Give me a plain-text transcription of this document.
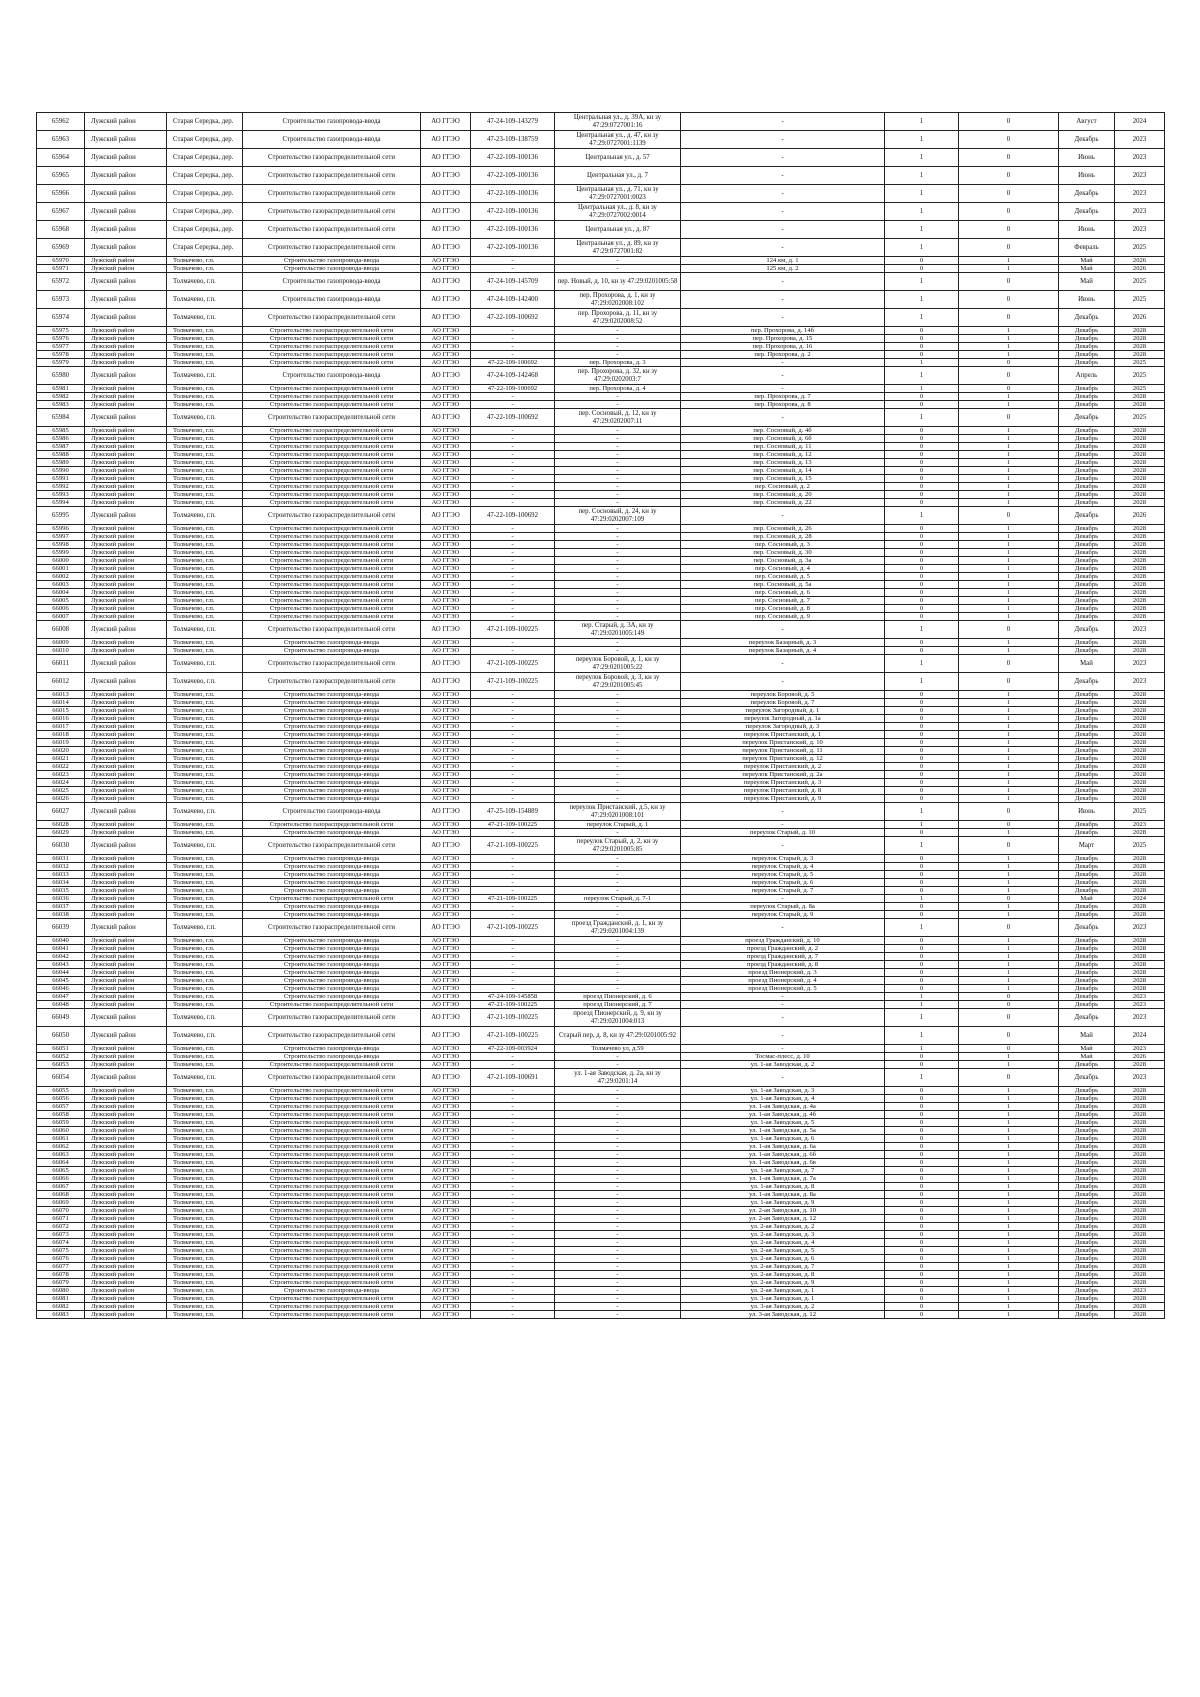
65962	Лужский район	Старая Середка, дер.	Строительство газопровода-ввода	АО ГГЭО	47-24-109-143279	Центральная ул., д. 39А, кн зу 47:29:0727001:16	-	1	0	Август	2024
65963	Лужский район	Старая Середка, дер.	Строительство газопровода-ввода	АО ГГЭО	47-23-109-138759	Центральная ул., д. 47, кн зу 47:29:0727001:1139	-	1	0	Декабрь	2023
65964	Лужский район	Старая Середка, дер.	Строительство газораспределительной сети	АО ГГЭО	47-22-109-100136	Центральная ул., д. 57	-	1	0	Июнь	2023
65965	Лужский район	Старая Середка, дер.	Строительство газораспределительной сети	АО ГГЭО	47-22-109-100136	Центральная ул., д. 7	-	1	0	Июнь	2023
65966	Лужский район	Старая Середка, дер.	Строительство газораспределительной сети	АО ГГЭО	47-22-109-100136	Центральная ул., д. 71, кн зу 47:29:0727001:0023	-	1	0	Декабрь	2023
65967	Лужский район	Старая Середка, дер.	Строительство газораспределительной сети	АО ГГЭО	47-22-109-100136	Центральная ул., д. 8, кн зу 47:29:0727002:0014	-	1	0	Декабрь	2023
65968	Лужский район	Старая Середка, дер.	Строительство газораспределительной сети	АО ГГЭО	47-22-109-100136	Центральная ул., д. 87	-	1	0	Июнь	2023
65969	Лужский район	Старая Середка, дер.	Строительство газораспределительной сети	АО ГГЭО	47-22-109-100136	Центральная ул., д. 89, кн зу 47:29:0727001:82	-	1	0	Февраль	2025
65970	Лужский район	Толмачево, г.п.	Строительство газопровода-ввода	АО ГГЭО	-	-	124 км, д. 1	0	1	Май	2026
65971	Лужский район	Толмачево, г.п.	Строительство газопровода-ввода	АО ГГЭО	-	-	125 км, д. 2	0	1	Май	2026
65972	Лужский район	Толмачево, г.п.	Строительство газопровода-ввода	АО ГГЭО	47-24-109-145709	пер. Новый, д. 10, кн зу 47:29:0201005:58	-	1	0	Май	2025
65973	Лужский район	Толмачево, г.п.	Строительство газопровода-ввода	АО ГГЭО	47-24-109-142400	пер. Прохорова, д. 1, кн зу 47:29:0202008:102	-	1	0	Июнь	2025
65974	Лужский район	Толмачево, г.п.	Строительство газораспределительной сети	АО ГГЭО	47-22-109-100692	пер. Прохорова, д. 11, кн зу 47:29:0202008:52	-	1	0	Декабрь	2026
65975	Лужский район	Толмачево, г.п.	Строительство газораспределительной сети	АО ГГЭО	-	-	пер. Прохорова, д. 14б	0	1	Декабрь	2028
65976	Лужский район	Толмачево, г.п.	Строительство газораспределительной сети	АО ГГЭО	-	-	пер. Прохорова, д. 15	0	1	Декабрь	2028
65977	Лужский район	Толмачево, г.п.	Строительство газораспределительной сети	АО ГГЭО	-	-	пер. Прохорова, д. 16	0	1	Декабрь	2028
65978	Лужский район	Толмачево, г.п.	Строительство газораспределительной сети	АО ГГЭО	-	-	пер. Прохорова, д. 2	0	1	Декабрь	2028
65979	Лужский район	Толмачево, г.п.	Строительство газораспределительной сети	АО ГГЭО	47-22-109-100692	пер. Прохорова, д. 3	-	1	0	Декабрь	2025
65980	Лужский район	Толмачево, г.п.	Строительство газопровода-ввода	АО ГГЭО	47-24-109-142468	пер. Прохорова, д. 32, кн зу 47:29:0202003:7	-	1	0	Апрель	2025
65981	Лужский район	Толмачево, г.п.	Строительство газораспределительной сети	АО ГГЭО	47-22-109-100692	пер. Прохорова, д. 4	-	1	0	Декабрь	2025
65982	Лужский район	Толмачево, г.п.	Строительство газораспределительной сети	АО ГГЭО	-	-	пер. Прохорова, д. 7	0	1	Декабрь	2028
65983	Лужский район	Толмачево, г.п.	Строительство газораспределительной сети	АО ГГЭО	-	-	пер. Прохорова, д. 8	0	1	Декабрь	2028
65984	Лужский район	Толмачево, г.п.	Строительство газораспределительной сети	АО ГГЭО	47-22-109-100692	пер. Сосновый, д. 12, кн зу 47:29:0202007:11	-	1	0	Декабрь	2025
65985	Лужский район	Толмачево, г.п.	Строительство газораспределительной сети	АО ГГЭО	-	-	пер. Сосновый, д. 4б	0	1	Декабрь	2028
65986	Лужский район	Толмачево, г.п.	Строительство газораспределительной сети	АО ГГЭО	-	-	пер. Сосновый, д. 6б	0	1	Декабрь	2028
65987	Лужский район	Толмачево, г.п.	Строительство газораспределительной сети	АО ГГЭО	-	-	пер. Сосновый, д. 11	0	1	Декабрь	2028
65988	Лужский район	Толмачево, г.п.	Строительство газораспределительной сети	АО ГГЭО	-	-	пер. Сосновый, д. 12	0	1	Декабрь	2028
65989	Лужский район	Толмачево, г.п.	Строительство газораспределительной сети	АО ГГЭО	-	-	пер. Сосновый, д. 13	0	1	Декабрь	2028
65990	Лужский район	Толмачево, г.п.	Строительство газораспределительной сети	АО ГГЭО	-	-	пер. Сосновый, д. 14	0	1	Декабрь	2028
65991	Лужский район	Толмачево, г.п.	Строительство газораспределительной сети	АО ГГЭО	-	-	пер. Сосновый, д. 15	0	1	Декабрь	2028
65992	Лужский район	Толмачево, г.п.	Строительство газораспределительной сети	АО ГГЭО	-	-	пер. Сосновый, д. 2	0	1	Декабрь	2028
65993	Лужский район	Толмачево, г.п.	Строительство газораспределительной сети	АО ГГЭО	-	-	пер. Сосновый, д. 20	0	1	Декабрь	2028
65994	Лужский район	Толмачево, г.п.	Строительство газораспределительной сети	АО ГГЭО	-	-	пер. Сосновый, д. 22	0	1	Декабрь	2028
65995	Лужский район	Толмачево, г.п.	Строительство газораспределительной сети	АО ГГЭО	47-22-109-100692	пер. Сосновый, д. 24, кн зу 47:29:0202007:109	-	1	0	Декабрь	2026
65996	Лужский район	Толмачево, г.п.	Строительство газораспределительной сети	АО ГГЭО	-	-	пер. Сосновый, д. 26	0	1	Декабрь	2028
65997	Лужский район	Толмачево, г.п.	Строительство газораспределительной сети	АО ГГЭО	-	-	пер. Сосновый, д. 28	0	1	Декабрь	2028
65998	Лужский район	Толмачево, г.п.	Строительство газораспределительной сети	АО ГГЭО	-	-	пер. Сосновый, д. 3	0	1	Декабрь	2028
65999	Лужский район	Толмачево, г.п.	Строительство газораспределительной сети	АО ГГЭО	-	-	пер. Сосновый, д. 30	0	1	Декабрь	2028
66000	Лужский район	Толмачево, г.п.	Строительство газораспределительной сети	АО ГГЭО	-	-	пер. Сосновый, д. 3а	0	1	Декабрь	2028
66001	Лужский район	Толмачево, г.п.	Строительство газораспределительной сети	АО ГГЭО	-	-	пер. Сосновый, д. 4	0	1	Декабрь	2028
66002	Лужский район	Толмачево, г.п.	Строительство газораспределительной сети	АО ГГЭО	-	-	пер. Сосновый, д. 5	0	1	Декабрь	2028
66003	Лужский район	Толмачево, г.п.	Строительство газораспределительной сети	АО ГГЭО	-	-	пер. Сосновый, д. 5а	0	1	Декабрь	2028
66004	Лужский район	Толмачево, г.п.	Строительство газораспределительной сети	АО ГГЭО	-	-	пер. Сосновый, д. 6	0	1	Декабрь	2028
66005	Лужский район	Толмачево, г.п.	Строительство газораспределительной сети	АО ГГЭО	-	-	пер. Сосновый, д. 7	0	1	Декабрь	2028
66006	Лужский район	Толмачево, г.п.	Строительство газораспределительной сети	АО ГГЭО	-	-	пер. Сосновый, д. 8	0	1	Декабрь	2028
66007	Лужский район	Толмачево, г.п.	Строительство газораспределительной сети	АО ГГЭО	-	-	пер. Сосновый, д. 9	0	1	Декабрь	2028
66008	Лужский район	Толмачево, г.п.	Строительство газораспределительной сети	АО ГГЭО	47-21-109-100225	пер. Старый, д. 3А, кн зу 47:29:0201005:149	-	1	0	Декабрь	2023
66009	Лужский район	Толмачево, г.п.	Строительство газопровода-ввода	АО ГГЭО	-	-	переулок Базарный, д. 3	0	1	Декабрь	2028
66010	Лужский район	Толмачево, г.п.	Строительство газопровода-ввода	АО ГГЭО	-	-	переулок Базарный, д. 4	0	1	Декабрь	2028
66011	Лужский район	Толмачево, г.п.	Строительство газораспределительной сети	АО ГГЭО	47-21-109-100225	переулок Боровой, д. 1, кн зу 47:29:0201005:22	-	1	0	Май	2023
66012	Лужский район	Толмачево, г.п.	Строительство газораспределительной сети	АО ГГЭО	47-21-109-100225	переулок Боровой, д. 3, кн зу 47:29:0201005:45	-	1	0	Декабрь	2023
66013	Лужский район	Толмачево, г.п.	Строительство газопровода-ввода	АО ГГЭО	-	-	переулок Боровой, д. 5	0	1	Декабрь	2028
66014	Лужский район	Толмачево, г.п.	Строительство газопровода-ввода	АО ГГЭО	-	-	переулок Боровой, д. 7	0	1	Декабрь	2028
66015	Лужский район	Толмачево, г.п.	Строительство газопровода-ввода	АО ГГЭО	-	-	переулок Загородный, д. 1	0	1	Декабрь	2028
66016	Лужский район	Толмачево, г.п.	Строительство газопровода-ввода	АО ГГЭО	-	-	переулок Загородный, д. 1а	0	1	Декабрь	2028
66017	Лужский район	Толмачево, г.п.	Строительство газопровода-ввода	АО ГГЭО	-	-	переулок Загородный, д. 3	0	1	Декабрь	2028
66018	Лужский район	Толмачево, г.п.	Строительство газопровода-ввода	АО ГГЭО	-	-	переулок Пристанский, д. 1	0	1	Декабрь	2028
66019	Лужский район	Толмачево, г.п.	Строительство газопровода-ввода	АО ГГЭО	-	-	переулок Пристанский, д. 10	0	1	Декабрь	2028
66020	Лужский район	Толмачево, г.п.	Строительство газопровода-ввода	АО ГГЭО	-	-	переулок Пристанский, д. 11	0	1	Декабрь	2028
66021	Лужский район	Толмачево, г.п.	Строительство газопровода-ввода	АО ГГЭО	-	-	переулок Пристанский, д. 12	0	1	Декабрь	2028
66022	Лужский район	Толмачево, г.п.	Строительство газопровода-ввода	АО ГГЭО	-	-	переулок Пристанский, д. 2	0	1	Декабрь	2028
66023	Лужский район	Толмачево, г.п.	Строительство газопровода-ввода	АО ГГЭО	-	-	переулок Пристанский, д. 2а	0	1	Декабрь	2028
66024	Лужский район	Толмачево, г.п.	Строительство газопровода-ввода	АО ГГЭО	-	-	переулок Пристанский, д. 3	0	1	Декабрь	2028
66025	Лужский район	Толмачево, г.п.	Строительство газопровода-ввода	АО ГГЭО	-	-	переулок Пристанский, д. 8	0	1	Декабрь	2028
66026	Лужский район	Толмачево, г.п.	Строительство газопровода-ввода	АО ГГЭО	-	-	переулок Пристанский, д. 9	0	1	Декабрь	2028
66027	Лужский район	Толмачево, г.п.	Строительство газопровода-ввода	АО ГГЭО	47-25-109-154889	переулок Пристанский, д.5, кн зу 47:29:0201008:101	-	1	0	Июнь	2025
66028	Лужский район	Толмачево, г.п.	Строительство газораспределительной сети	АО ГГЭО	47-21-109-100225	переулок Старый, д. 1	-	1	0	Декабрь	2023
66029	Лужский район	Толмачево, г.п.	Строительство газопровода-ввода	АО ГГЭО	-	-	переулок Старый, д. 10	0	1	Декабрь	2028
66030	Лужский район	Толмачево, г.п.	Строительство газораспределительной сети	АО ГГЭО	47-21-109-100225	переулок Старый, д. 2, кн зу 47:29:0201005:85	-	1	0	Март	2025
66031	Лужский район	Толмачево, г.п.	Строительство газопровода-ввода	АО ГГЭО	-	-	переулок Старый, д. 3	0	1	Декабрь	2028
66032	Лужский район	Толмачево, г.п.	Строительство газопровода-ввода	АО ГГЭО	-	-	переулок Старый, д. 4	0	1	Декабрь	2028
66033	Лужский район	Толмачево, г.п.	Строительство газопровода-ввода	АО ГГЭО	-	-	переулок Старый, д. 5	0	1	Декабрь	2028
66034	Лужский район	Толмачево, г.п.	Строительство газопровода-ввода	АО ГГЭО	-	-	переулок Старый, д. 6	0	1	Декабрь	2028
66035	Лужский район	Толмачево, г.п.	Строительство газопровода-ввода	АО ГГЭО	-	-	переулок Старый, д. 7	0	1	Декабрь	2028
66036	Лужский район	Толмачево, г.п.	Строительство газораспределительной сети	АО ГГЭО	47-21-109-100225	переулок Старый, д. 7-1	-	1	0	Май	2024
66037	Лужский район	Толмачево, г.п.	Строительство газопровода-ввода	АО ГГЭО	-	-	переулок Старый, д. 8а	0	1	Декабрь	2028
66038	Лужский район	Толмачево, г.п.	Строительство газопровода-ввода	АО ГГЭО	-	-	переулок Старый, д. 9	0	1	Декабрь	2028
66039	Лужский район	Толмачево, г.п.	Строительство газораспределительной сети	АО ГГЭО	47-21-109-100225	проезд Гражданский, д. 1, кн зу 47:29:0201004:139	-	1	0	Декабрь	2023
66040	Лужский район	Толмачево, г.п.	Строительство газопровода-ввода	АО ГГЭО	-	-	проезд Гражданский, д. 10	0	1	Декабрь	2028
66041	Лужский район	Толмачево, г.п.	Строительство газопровода-ввода	АО ГГЭО	-	-	проезд Гражданский, д. 2	0	1	Декабрь	2028
66042	Лужский район	Толмачево, г.п.	Строительство газопровода-ввода	АО ГГЭО	-	-	проезд Гражданский, д. 7	0	1	Декабрь	2028
66043	Лужский район	Толмачево, г.п.	Строительство газопровода-ввода	АО ГГЭО	-	-	проезд Гражданский, д. 8	0	1	Декабрь	2028
66044	Лужский район	Толмачево, г.п.	Строительство газопровода-ввода	АО ГГЭО	-	-	проезд Пионерский, д. 3	0	1	Декабрь	2028
66045	Лужский район	Толмачево, г.п.	Строительство газопровода-ввода	АО ГГЭО	-	-	проезд Пионерский, д. 4	0	1	Декабрь	2028
66046	Лужский район	Толмачево, г.п.	Строительство газопровода-ввода	АО ГГЭО	-	-	проезд Пионерский, д. 5	0	1	Декабрь	2028
66047	Лужский район	Толмачево, г.п.	Строительство газопровода-ввода	АО ГГЭО	47-24-109-145858	проезд Пионерский, д. 6	-	1	0	Декабрь	2023
66048	Лужский район	Толмачево, г.п.	Строительство газораспределительной сети	АО ГГЭО	47-21-109-100225	проезд Пионерский, д. 7	-	1	0	Декабрь	2023
66049	Лужский район	Толмачево, г.п.	Строительство газораспределительной сети	АО ГГЭО	47-21-109-100225	проезд Пионерский, д. 9, кн зу 47:29:0201004:013	-	1	0	Декабрь	2023
66050	Лужский район	Толмачево, г.п.	Строительство газораспределительной сети	АО ГГЭО	47-21-109-100225	Старый пер, д. 8, кн зу 47:29:0201005:92	-	1	0	Май	2024
66051	Лужский район	Толмачево, г.п.	Строительство газопровода-ввода	АО ГГЭО	47-22-109-003924	Толмачево ул, д.59	-	1	0	Май	2023
66052	Лужский район	Толмачево, г.п.	Строительство газопровода-ввода	АО ГГЭО	-	-	Тосмас-плесс, д. 10	0	1	Май	2026
66053	Лужский район	Толмачево, г.п.	Строительство газораспределительной сети	АО ГГЭО	-	-	ул. 1-ая Заводская, д. 2	0	1	Декабрь	2028
66054	Лужский район	Толмачево, г.п.	Строительство газораспределительной сети	АО ГГЭО	47-21-109-100691	ул. 1-ая Заводская, д. 2а, кн зу 47:29:0201:14	-	1	0	Декабрь	2023
66055	Лужский район	Толмачево, г.п.	Строительство газораспределительной сети	АО ГГЭО	-	-	ул. 1-ая Заводская, д. 3	0	1	Декабрь	2028
66056	Лужский район	Толмачево, г.п.	Строительство газораспределительной сети	АО ГГЭО	-	-	ул. 1-ая Заводская, д. 4	0	1	Декабрь	2028
66057	Лужский район	Толмачево, г.п.	Строительство газораспределительной сети	АО ГГЭО	-	-	ул. 1-ая Заводская, д. 4а	0	1	Декабрь	2028
66058	Лужский район	Толмачево, г.п.	Строительство газораспределительной сети	АО ГГЭО	-	-	ул. 1-ая Заводская, д. 4б	0	1	Декабрь	2028
66059	Лужский район	Толмачево, г.п.	Строительство газораспределительной сети	АО ГГЭО	-	-	ул. 1-ая Заводская, д. 5	0	1	Декабрь	2028
66060	Лужский район	Толмачево, г.п.	Строительство газораспределительной сети	АО ГГЭО	-	-	ул. 1-ая Заводская, д. 5а	0	1	Декабрь	2028
66061	Лужский район	Толмачево, г.п.	Строительство газораспределительной сети	АО ГГЭО	-	-	ул. 1-ая Заводская, д. 6	0	1	Декабрь	2028
66062	Лужский район	Толмачево, г.п.	Строительство газораспределительной сети	АО ГГЭО	-	-	ул. 1-ая Заводская, д. 6а	0	1	Декабрь	2028
66063	Лужский район	Толмачево, г.п.	Строительство газораспределительной сети	АО ГГЭО	-	-	ул. 1-ая Заводская, д. 6б	0	1	Декабрь	2028
66064	Лужский район	Толмачево, г.п.	Строительство газораспределительной сети	АО ГГЭО	-	-	ул. 1-ая Заводская, д. 6в	0	1	Декабрь	2028
66065	Лужский район	Толмачево, г.п.	Строительство газораспределительной сети	АО ГГЭО	-	-	ул. 1-ая Заводская, д. 7	0	1	Декабрь	2028
66066	Лужский район	Толмачево, г.п.	Строительство газораспределительной сети	АО ГГЭО	-	-	ул. 1-ая Заводская, д. 7а	0	1	Декабрь	2028
66067	Лужский район	Толмачево, г.п.	Строительство газораспределительной сети	АО ГГЭО	-	-	ул. 1-ая Заводская, д. 8	0	1	Декабрь	2028
66068	Лужский район	Толмачево, г.п.	Строительство газораспределительной сети	АО ГГЭО	-	-	ул. 1-ая Заводская, д. 8а	0	1	Декабрь	2028
66069	Лужский район	Толмачево, г.п.	Строительство газораспределительной сети	АО ГГЭО	-	-	ул. 1-ая Заводская, д. 9	0	1	Декабрь	2028
66070	Лужский район	Толмачево, г.п.	Строительство газораспределительной сети	АО ГГЭО	-	-	ул. 2-ая Заводская, д. 10	0	1	Декабрь	2028
66071	Лужский район	Толмачево, г.п.	Строительство газораспределительной сети	АО ГГЭО	-	-	ул. 2-ая Заводская, д. 12	0	1	Декабрь	2028
66072	Лужский район	Толмачево, г.п.	Строительство газораспределительной сети	АО ГГЭО	-	-	ул. 2-ая Заводская, д. 2	0	1	Декабрь	2028
66073	Лужский район	Толмачево, г.п.	Строительство газораспределительной сети	АО ГГЭО	-	-	ул. 2-ая Заводская, д. 3	0	1	Декабрь	2028
66074	Лужский район	Толмачево, г.п.	Строительство газораспределительной сети	АО ГГЭО	-	-	ул. 2-ая Заводская, д. 4	0	1	Декабрь	2028
66075	Лужский район	Толмачево, г.п.	Строительство газораспределительной сети	АО ГГЭО	-	-	ул. 2-ая Заводская, д. 5	0	1	Декабрь	2028
66076	Лужский район	Толмачево, г.п.	Строительство газораспределительной сети	АО ГГЭО	-	-	ул. 2-ая Заводская, д. 6	0	1	Декабрь	2028
66077	Лужский район	Толмачево, г.п.	Строительство газораспределительной сети	АО ГГЭО	-	-	ул. 2-ая Заводская, д. 7	0	1	Декабрь	2028
66078	Лужский район	Толмачево, г.п.	Строительство газораспределительной сети	АО ГГЭО	-	-	ул. 2-ая Заводская, д. 8	0	1	Декабрь	2028
66079	Лужский район	Толмачево, г.п.	Строительство газораспределительной сети	АО ГГЭО	-	-	ул. 2-ая Заводская, д. 9	0	1	Декабрь	2028
66080	Лужский район	Толмачево, г.п.	Строительство газопровода-ввода	АО ГГЭО	-	-	ул. 2-ая Заводская, д. 1	0	1	Декабрь	2023
66081	Лужский район	Толмачево, г.п.	Строительство газораспределительной сети	АО ГГЭО	-	-	ул. 3-ая Заводская, д. 1	0	1	Декабрь	2028
66082	Лужский район	Толмачево, г.п.	Строительство газораспределительной сети	АО ГГЭО	-	-	ул. 3-ая Заводская, д. 2	0	1	Декабрь	2028
66083	Лужский район	Толмачево, г.п.	Строительство газораспределительной сети	АО ГГЭО	-	-	ул. 3-ая Заводская, д. 12	0	1	Декабрь	2028
